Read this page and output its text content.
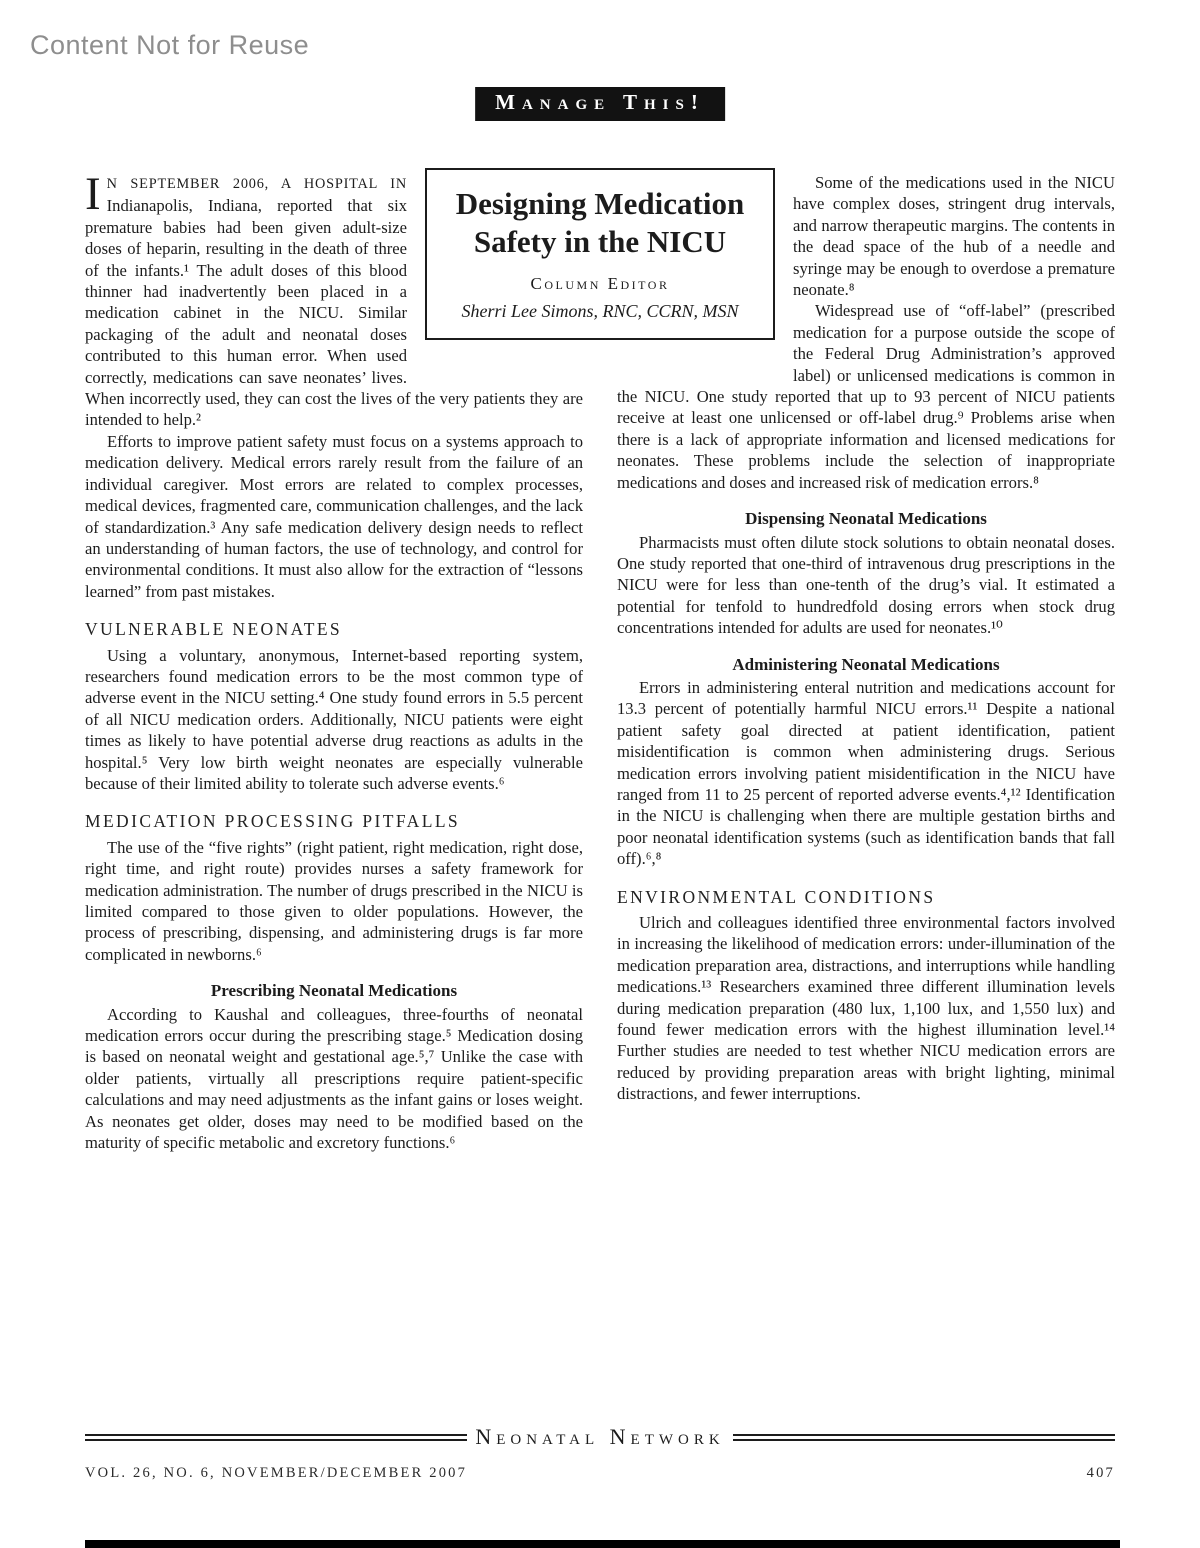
Content Not for Reuse
Manage This!
Designing Medication
Safety in the NICU
Column Editor
Sherri Lee Simons, RNC, CCRN, MSN

I N SEPTEMBER 2006, A HOSPITAL IN Indianapolis, Indiana, reported that six premature babies had been given adult-size doses of heparin, resulting in the death of three of the infants.¹ The adult doses of this blood thinner had inadvertently been placed in a medication cabinet in the NICU. Similar packaging of the adult and neonatal doses contributed to this human error. When used correctly, medications can save neonates’ lives. When incorrectly used, they can cost the lives of the very patients they are intended to help.²

Efforts to improve patient safety must focus on a systems approach to medication delivery. Medical errors rarely result from the failure of an individual caregiver. Most errors are related to complex processes, medical devices, fragmented care, communication challenges, and the lack of standardization.³ Any safe medication delivery design needs to reflect an understanding of human factors, the use of technology, and control for environmental conditions. It must also allow for the extraction of “lessons learned” from past mistakes.

VULNERABLE NEONATES

Using a voluntary, anonymous, Internet-based reporting system, researchers found medication errors to be the most common type of adverse event in the NICU setting.⁴ One study found errors in 5.5 percent of all NICU medication orders. Additionally, NICU patients were eight times as likely to have potential adverse drug reactions as adults in the hospital.⁵ Very low birth weight neonates are especially vulnerable because of their limited ability to tolerate such adverse events.⁶

MEDICATION PROCESSING PITFALLS

The use of the “five rights” (right patient, right medication, right dose, right time, and right route) provides nurses a safety framework for medication administration. The number of drugs prescribed in the NICU is limited compared to those given to older populations. However, the process of prescribing, dispensing, and administering drugs is far more complicated in newborns.⁶

Prescribing Neonatal Medications

According to Kaushal and colleagues, three-fourths of neonatal medication errors occur during the prescribing stage.⁵ Medication dosing is based on neonatal weight and gestational age.⁵,⁷ Unlike the case with older patients, virtually all prescriptions require patient-specific calculations and may need adjustments as the infant gains or loses weight. As neonates get older, doses may need to be modified based on the maturity of specific metabolic and excretory functions.⁶

Some of the medications used in the NICU have complex doses, stringent drug intervals, and narrow therapeutic margins. The contents in the dead space of the hub of a needle and syringe may be enough to overdose a premature neonate.⁸

Widespread use of “off-label” (prescribed medication for a purpose outside the scope of the Federal Drug Administration’s approved label) or unlicensed medications is common in the NICU. One study reported that up to 93 percent of NICU patients receive at least one unlicensed or off-label drug.⁹ Problems arise when there is a lack of appropriate information and licensed medications for neonates. These problems include the selection of inappropriate medications and doses and increased risk of medication errors.⁸

Dispensing Neonatal Medications

Pharmacists must often dilute stock solutions to obtain neonatal doses. One study reported that one-third of intravenous drug prescriptions in the NICU were for less than one-tenth of the drug’s vial. It estimated a potential for tenfold to hundredfold dosing errors when stock drug concentrations intended for adults are used for neonates.¹⁰

Administering Neonatal Medications

Errors in administering enteral nutrition and medications account for 13.3 percent of potentially harmful NICU errors.¹¹ Despite a national patient safety goal directed at patient identification, patient misidentification is common when administering drugs. Serious medication errors involving patient misidentification in the NICU have ranged from 11 to 25 percent of reported adverse events.⁴,¹² Identification in the NICU is challenging when there are multiple gestation births and poor neonatal identification systems (such as identification bands that fall off).⁶,⁸

ENVIRONMENTAL CONDITIONS

Ulrich and colleagues identified three environmental factors involved in increasing the likelihood of medication errors: under-illumination of the medication preparation area, distractions, and interruptions while handling medications.¹³ Researchers examined three different illumination levels during medication preparation (480 lux, 1,100 lux, and 1,550 lux) and found fewer medication errors with the highest illumination level.¹⁴ Further studies are needed to test whether NICU medication errors are reduced by providing preparation areas with bright lighting, minimal distractions, and fewer interruptions.

Neonatal Network
VOL. 26, NO. 6, NOVEMBER/DECEMBER 2007	407
